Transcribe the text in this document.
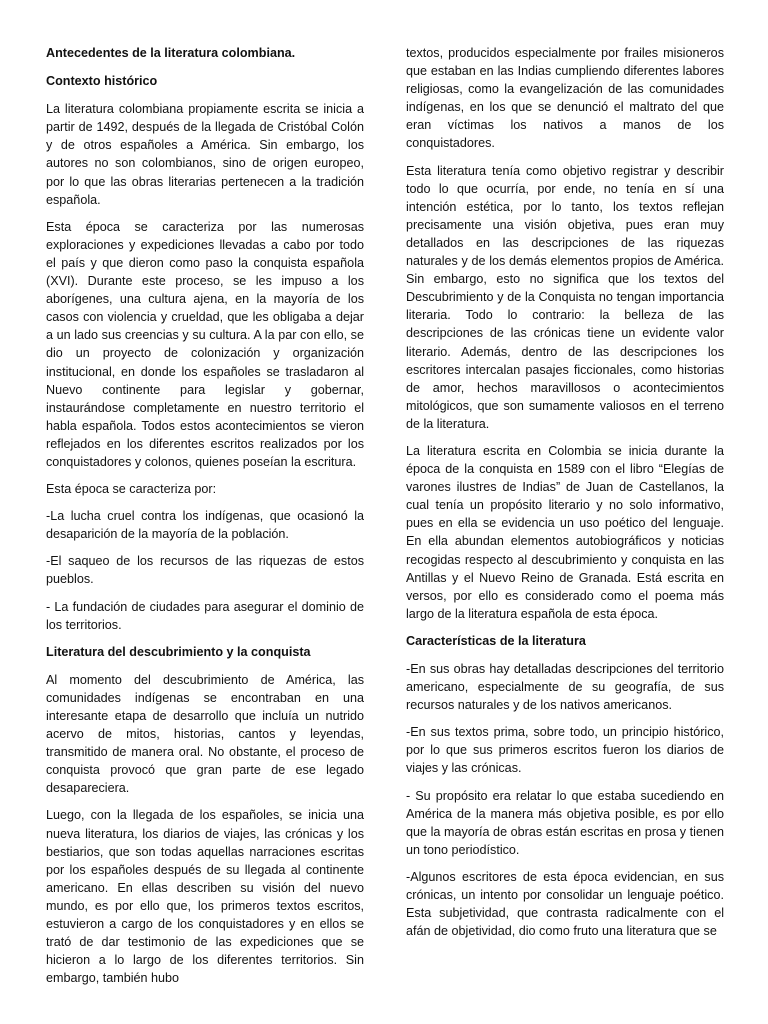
Antecedentes de la literatura colombiana.

Contexto histórico

La literatura colombiana propiamente escrita se inicia a partir de 1492, después de la llegada de Cristóbal Colón y de otros españoles a América. Sin embargo, los autores no son colombianos, sino de origen europeo, por lo que las obras literarias pertenecen a la tradición española.

Esta época se caracteriza por las numerosas exploraciones y expediciones llevadas a cabo por todo el país y que dieron como paso la conquista española (XVI). Durante este proceso, se les impuso a los aborígenes, una cultura ajena, en la mayoría de los casos con violencia y crueldad, que les obligaba a dejar a un lado sus creencias y su cultura. A la par con ello, se dio un proyecto de colonización y organización institucional, en donde los españoles se trasladaron al Nuevo continente para legislar y gobernar, instaurándose completamente en nuestro territorio el habla española. Todos estos acontecimientos se vieron reflejados en los diferentes escritos realizados por los conquistadores y colonos, quienes poseían la escritura.

Esta época se caracteriza por:

-La lucha cruel contra los indígenas, que ocasionó la desaparición de la mayoría de la población.

-El saqueo de los recursos de las riquezas de estos pueblos.

- La fundación de ciudades para asegurar el dominio de los territorios.

Literatura del descubrimiento y la conquista

Al momento del descubrimiento de América, las comunidades indígenas se encontraban en una interesante etapa de desarrollo que incluía un nutrido acervo de mitos, historias, cantos y leyendas, transmitido de manera oral. No obstante, el proceso de conquista provocó que gran parte de ese legado desapareciera.

Luego, con la llegada de los españoles, se inicia una nueva literatura, los diarios de viajes, las crónicas y los bestiarios, que son todas aquellas narraciones escritas por los españoles después de su llegada al continente americano. En ellas describen su visión del nuevo mundo, es por ello que, los primeros textos escritos, estuvieron a cargo de los conquistadores y en ellos se trató de dar testimonio de las expediciones que se hicieron a lo largo de los diferentes territorios. Sin embargo, también hubo

textos, producidos especialmente por frailes misioneros que estaban en las Indias cumpliendo diferentes labores religiosas, como la evangelización de las comunidades indígenas, en los que se denunció el maltrato del que eran víctimas los nativos a manos de los conquistadores.

Esta literatura tenía como objetivo registrar y describir todo lo que ocurría, por ende, no tenía en sí una intención estética, por lo tanto, los textos reflejan precisamente una visión objetiva, pues eran muy detallados en las descripciones de las riquezas naturales y de los demás elementos propios de América. Sin embargo, esto no significa que los textos del Descubrimiento y de la Conquista no tengan importancia literaria. Todo lo contrario: la belleza de las descripciones de las crónicas tiene un evidente valor literario. Además, dentro de las descripciones los escritores intercalan pasajes ficcionales, como historias de amor, hechos maravillosos o acontecimientos mitológicos, que son sumamente valiosos en el terreno de la literatura.

La literatura escrita en Colombia se inicia durante la época de la conquista en 1589 con el libro “Elegías de varones ilustres de Indias” de Juan de Castellanos, la cual tenía un propósito literario y no solo informativo, pues en ella se evidencia un uso poético del lenguaje. En ella abundan elementos autobiográficos y noticias recogidas respecto al descubrimiento y conquista en las Antillas y el Nuevo Reino de Granada. Está escrita en versos, por ello es considerado como el poema más largo de la literatura española de esta época.

Características de la literatura

-En sus obras hay detalladas descripciones del territorio americano, especialmente de su geografía, de sus recursos naturales y de los nativos americanos.

-En sus textos prima, sobre todo, un principio histórico, por lo que sus primeros escritos fueron los diarios de viajes y las crónicas.

- Su propósito era relatar lo que estaba sucediendo en América de la manera más objetiva posible, es por ello que la mayoría de obras están escritas en prosa y tienen un tono periodístico.

-Algunos escritores de esta época evidencian, en sus crónicas, un intento por consolidar un lenguaje poético. Esta subjetividad, que contrasta radicalmente con el afán de objetividad, dio como fruto una literatura que se
